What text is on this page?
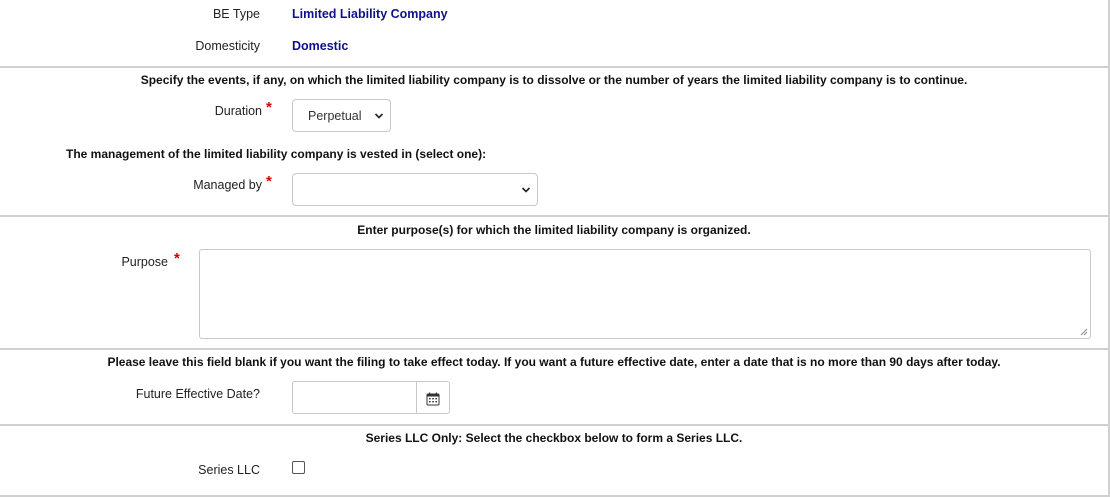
BE Type	Limited Liability Company
Domesticity	Domestic
Specify the events, if any, on which the limited liability company is to dissolve or the number of years the limited liability company is to continue.
Duration *	Perpetual
The management of the limited liability company is vested in (select one):
Managed by *
Enter purpose(s) for which the limited liability company is organized.
Purpose *
Please leave this field blank if you want the filing to take effect today. If you want a future effective date, enter a date that is no more than 90 days after today.
Future Effective Date?
Series LLC Only: Select the checkbox below to form a Series LLC.
Series LLC
